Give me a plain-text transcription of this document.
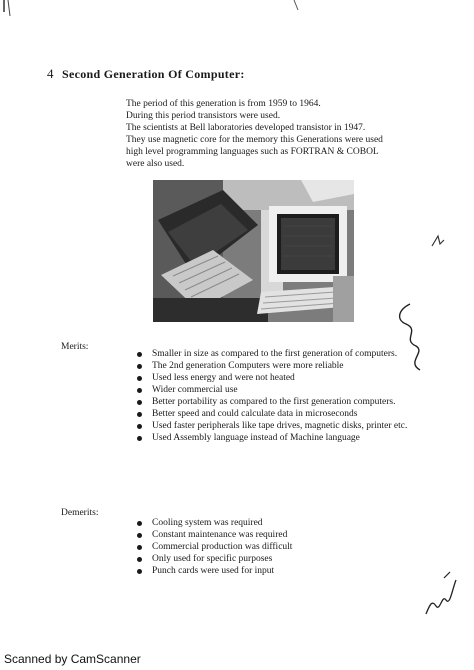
4 Second Generation Of Computer:
The period of this generation is from 1959 to 1964.
During this period transistors were used.
The scientists at Bell laboratories developed transistor in 1947.
They use magnetic core for the memory this Generations were used
high level programming languages such as FORTRAN & COBOL
were also used.
Merits:
Smaller in size as compared to the first generation of computers.
The 2nd generation Computers were more reliable
Used less energy and were not heated
Wider commercial use
Better portability as compared to the first generation computers.
Better speed and could calculate data in microseconds
Used faster peripherals like tape drives, magnetic disks, printer etc.
Used Assembly language instead of Machine language
Demerits:
Cooling system was required
Constant maintenance was required
Commercial production was difficult
Only used for specific purposes
Punch cards were used for input
Scanned by CamScanner
